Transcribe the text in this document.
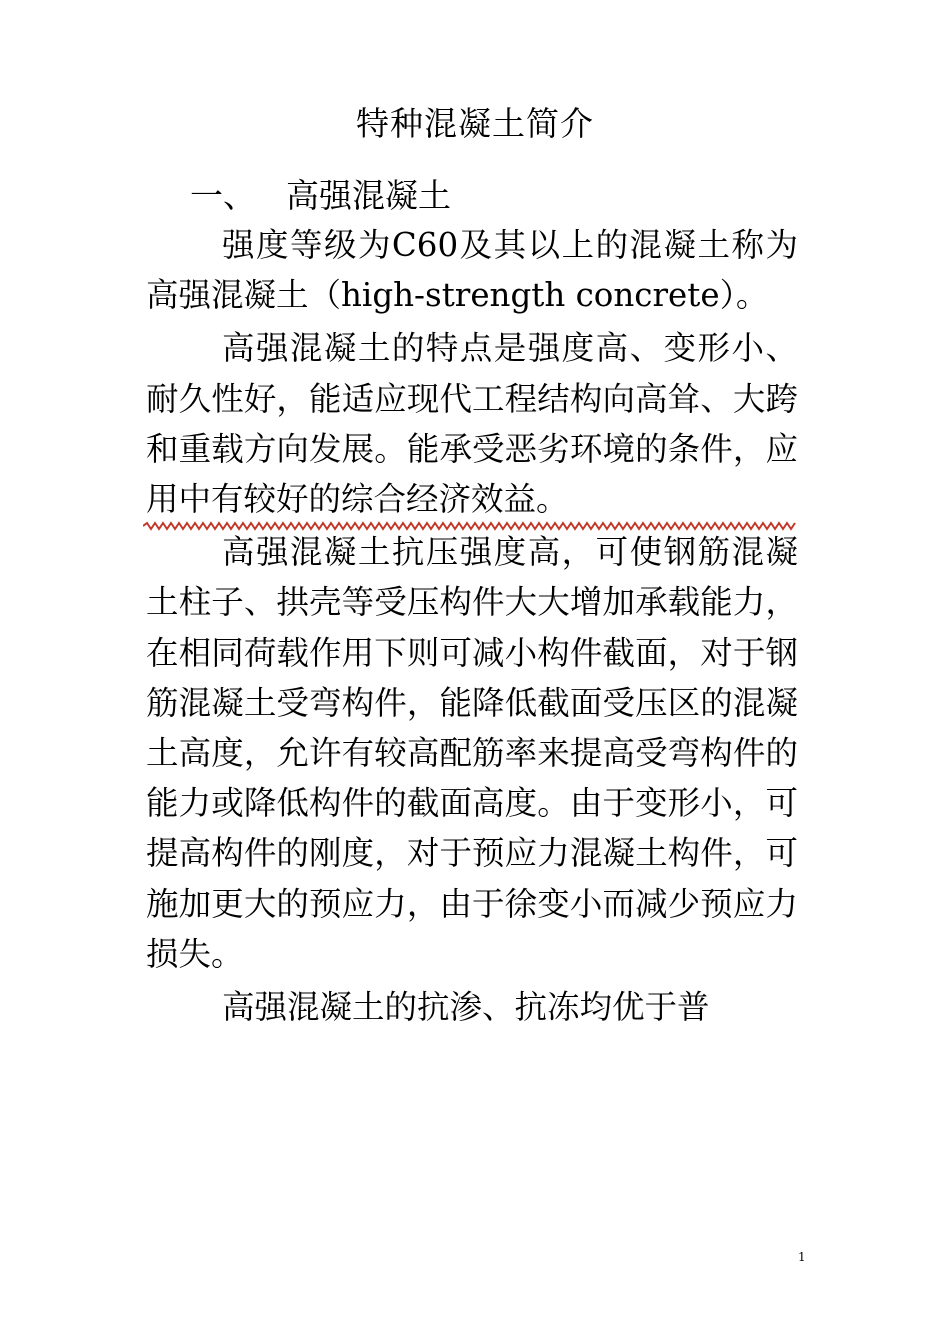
特种混凝土简介
一、 高强混凝土

强度等级为C60及其以上的混凝土称为高强混凝土（high-strength concrete）。

高强混凝土的特点是强度高、变形小、耐久性好，能适应现代工程结构向高耸、大跨和重载方向发展。能承受恶劣环境的条件，应用中有较好的综合经济效益。

高强混凝土抗压强度高，可使钢筋混凝土柱子、拱壳等受压构件大大增加承载能力，在相同荷载作用下则可减小构件截面，对于钢筋混凝土受弯构件，能降低截面受压区的混凝土高度，允许有较高配筋率来提高受弯构件的能力或降低构件的截面高度。由于变形小，可提高构件的刚度，对于预应力混凝土构件，可施加更大的预应力，由于徐变小而减少预应力损失。

高强混凝土的抗渗、抗冻均优于普

1
